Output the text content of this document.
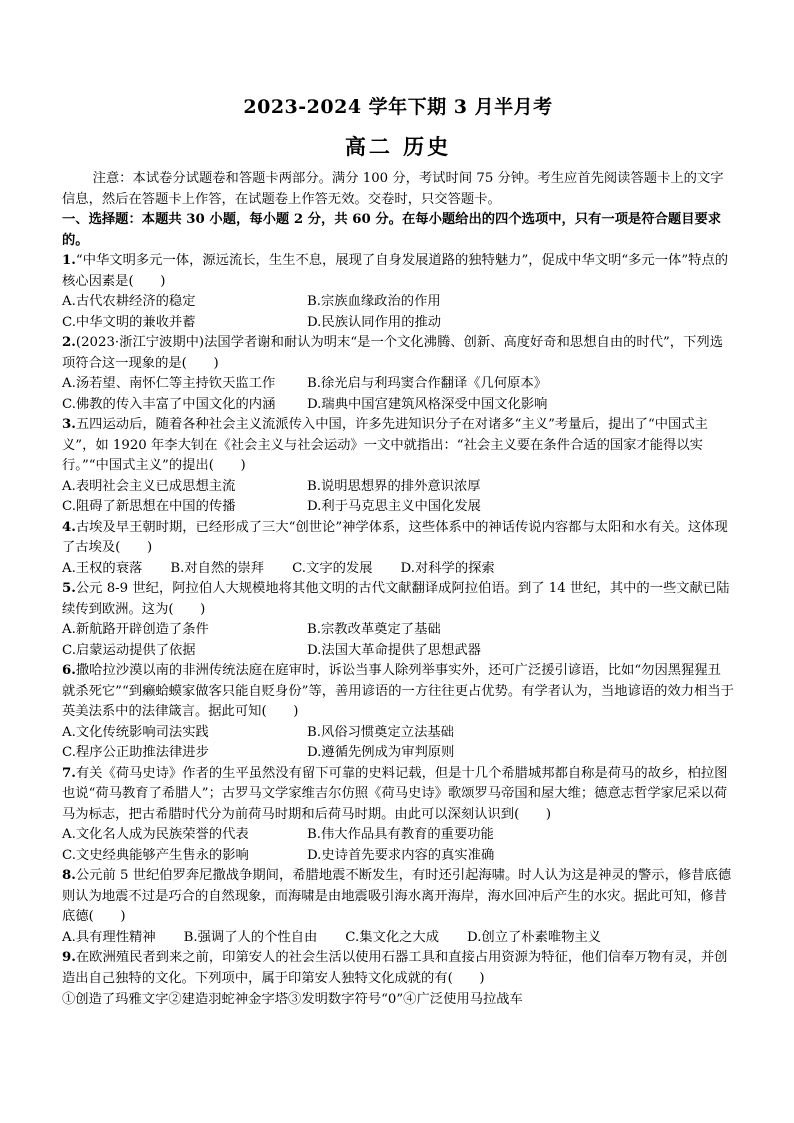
2023-2024 学年下期 3 月半月考
高二 历史

注意：本试卷分试题卷和答题卡两部分。满分 100 分，考试时间 75 分钟。考生应首先阅读答题卡上的文字信息，然后在答题卡上作答，在试题卷上作答无效。交卷时，只交答题卡。

一、选择题：本题共 30 小题，每小题 2 分，共 60 分。在每小题给出的四个选项中，只有一项是符合题目要求的。

1.“中华文明多元一体，源远流长，生生不息，展现了自身发展道路的独特魅力”，促成中华文明“多元一体”特点的核心因素是(　　)

A.古代农耕经济的稳定	B.宗族血缘政治的作用
C.中华文明的兼收并蓄	D.民族认同作用的推动

2.(2023·浙江宁波期中)法国学者谢和耐认为明末“是一个文化沸腾、创新、高度好奇和思想自由的时代”，下列选项符合这一现象的是(　　)

A.汤若望、南怀仁等主持钦天监工作	B.徐光启与利玛窦合作翻译《几何原本》
C.佛教的传入丰富了中国文化的内涵	D.瑞典中国宫建筑风格深受中国文化影响

3.五四运动后，随着各种社会主义流派传入中国，许多先进知识分子在对诸多“主义”考量后，提出了“中国式主义”，如 1920 年李大钊在《社会主义与社会运动》一文中就指出：“社会主义要在条件合适的国家才能得以实行。”“中国式主义”的提出(　　)

A.表明社会主义已成思想主流	B.说明思想界的排外意识浓厚
C.阻碍了新思想在中国的传播	D.利于马克思主义中国化发展

4.古埃及早王朝时期，已经形成了三大“创世论”神学体系，这些体系中的神话传说内容都与太阳和水有关。这体现了古埃及(　　)

A.王权的衰落 B.对自然的崇拜 C.文字的发展 D.对科学的探索

5.公元 8-9 世纪，阿拉伯人大规模地将其他文明的古代文献翻译成阿拉伯语。到了 14 世纪，其中的一些文献已陆续传到欧洲。这为(　　)

A.新航路开辟创造了条件	B.宗教改革奠定了基础
C.启蒙运动提供了依据	D.法国大革命提供了思想武器

6.撒哈拉沙漠以南的非洲传统法庭在庭审时，诉讼当事人除列举事实外，还可广泛援引谚语，比如“勿因黑猩猩丑就杀死它”“到癞蛤蟆家做客只能自贬身份”等，善用谚语的一方往往更占优势。有学者认为，当地谚语的效力相当于英美法系中的法律箴言。据此可知(　　)

A.文化传统影响司法实践	B.风俗习惯奠定立法基础
C.程序公正助推法律进步	D.遵循先例成为审判原则

7.有关《荷马史诗》作者的生平虽然没有留下可靠的史料记载，但是十几个希腊城邦都自称是荷马的故乡，柏拉图也说“荷马教育了希腊人”；古罗马文学家维吉尔仿照《荷马史诗》歌颂罗马帝国和屋大维；德意志哲学家尼采以荷马为标志，把古希腊时代分为前荷马时期和后荷马时期。由此可以深刻认识到(　　)

A.文化名人成为民族荣誉的代表	B.伟大作品具有教育的重要功能
C.文史经典能够产生售永的影响	D.史诗首先要求内容的真实准确

8.公元前 5 世纪伯罗奔尼撒战争期间，希腊地震不断发生，有时还引起海啸。时人认为这是神灵的警示，修昔底德则认为地震不过是巧合的自然现象，而海啸是由地震吸引海水离开海岸，海水回冲后产生的水灾。据此可知，修昔底德(　　)

A.具有理性精神 B.强调了人的个性自由 C.集文化之大成 D.创立了朴素唯物主义

9.在欧洲殖民者到来之前，印第安人的社会生活以使用石器工具和直接占用资源为特征，他们信奉万物有灵，并创造出自己独特的文化。下列项中，属于印第安人独特文化成就的有(　　)

①创造了玛雅文字②建造羽蛇神金字塔③发明数字符号“0”④广泛使用马拉战车
